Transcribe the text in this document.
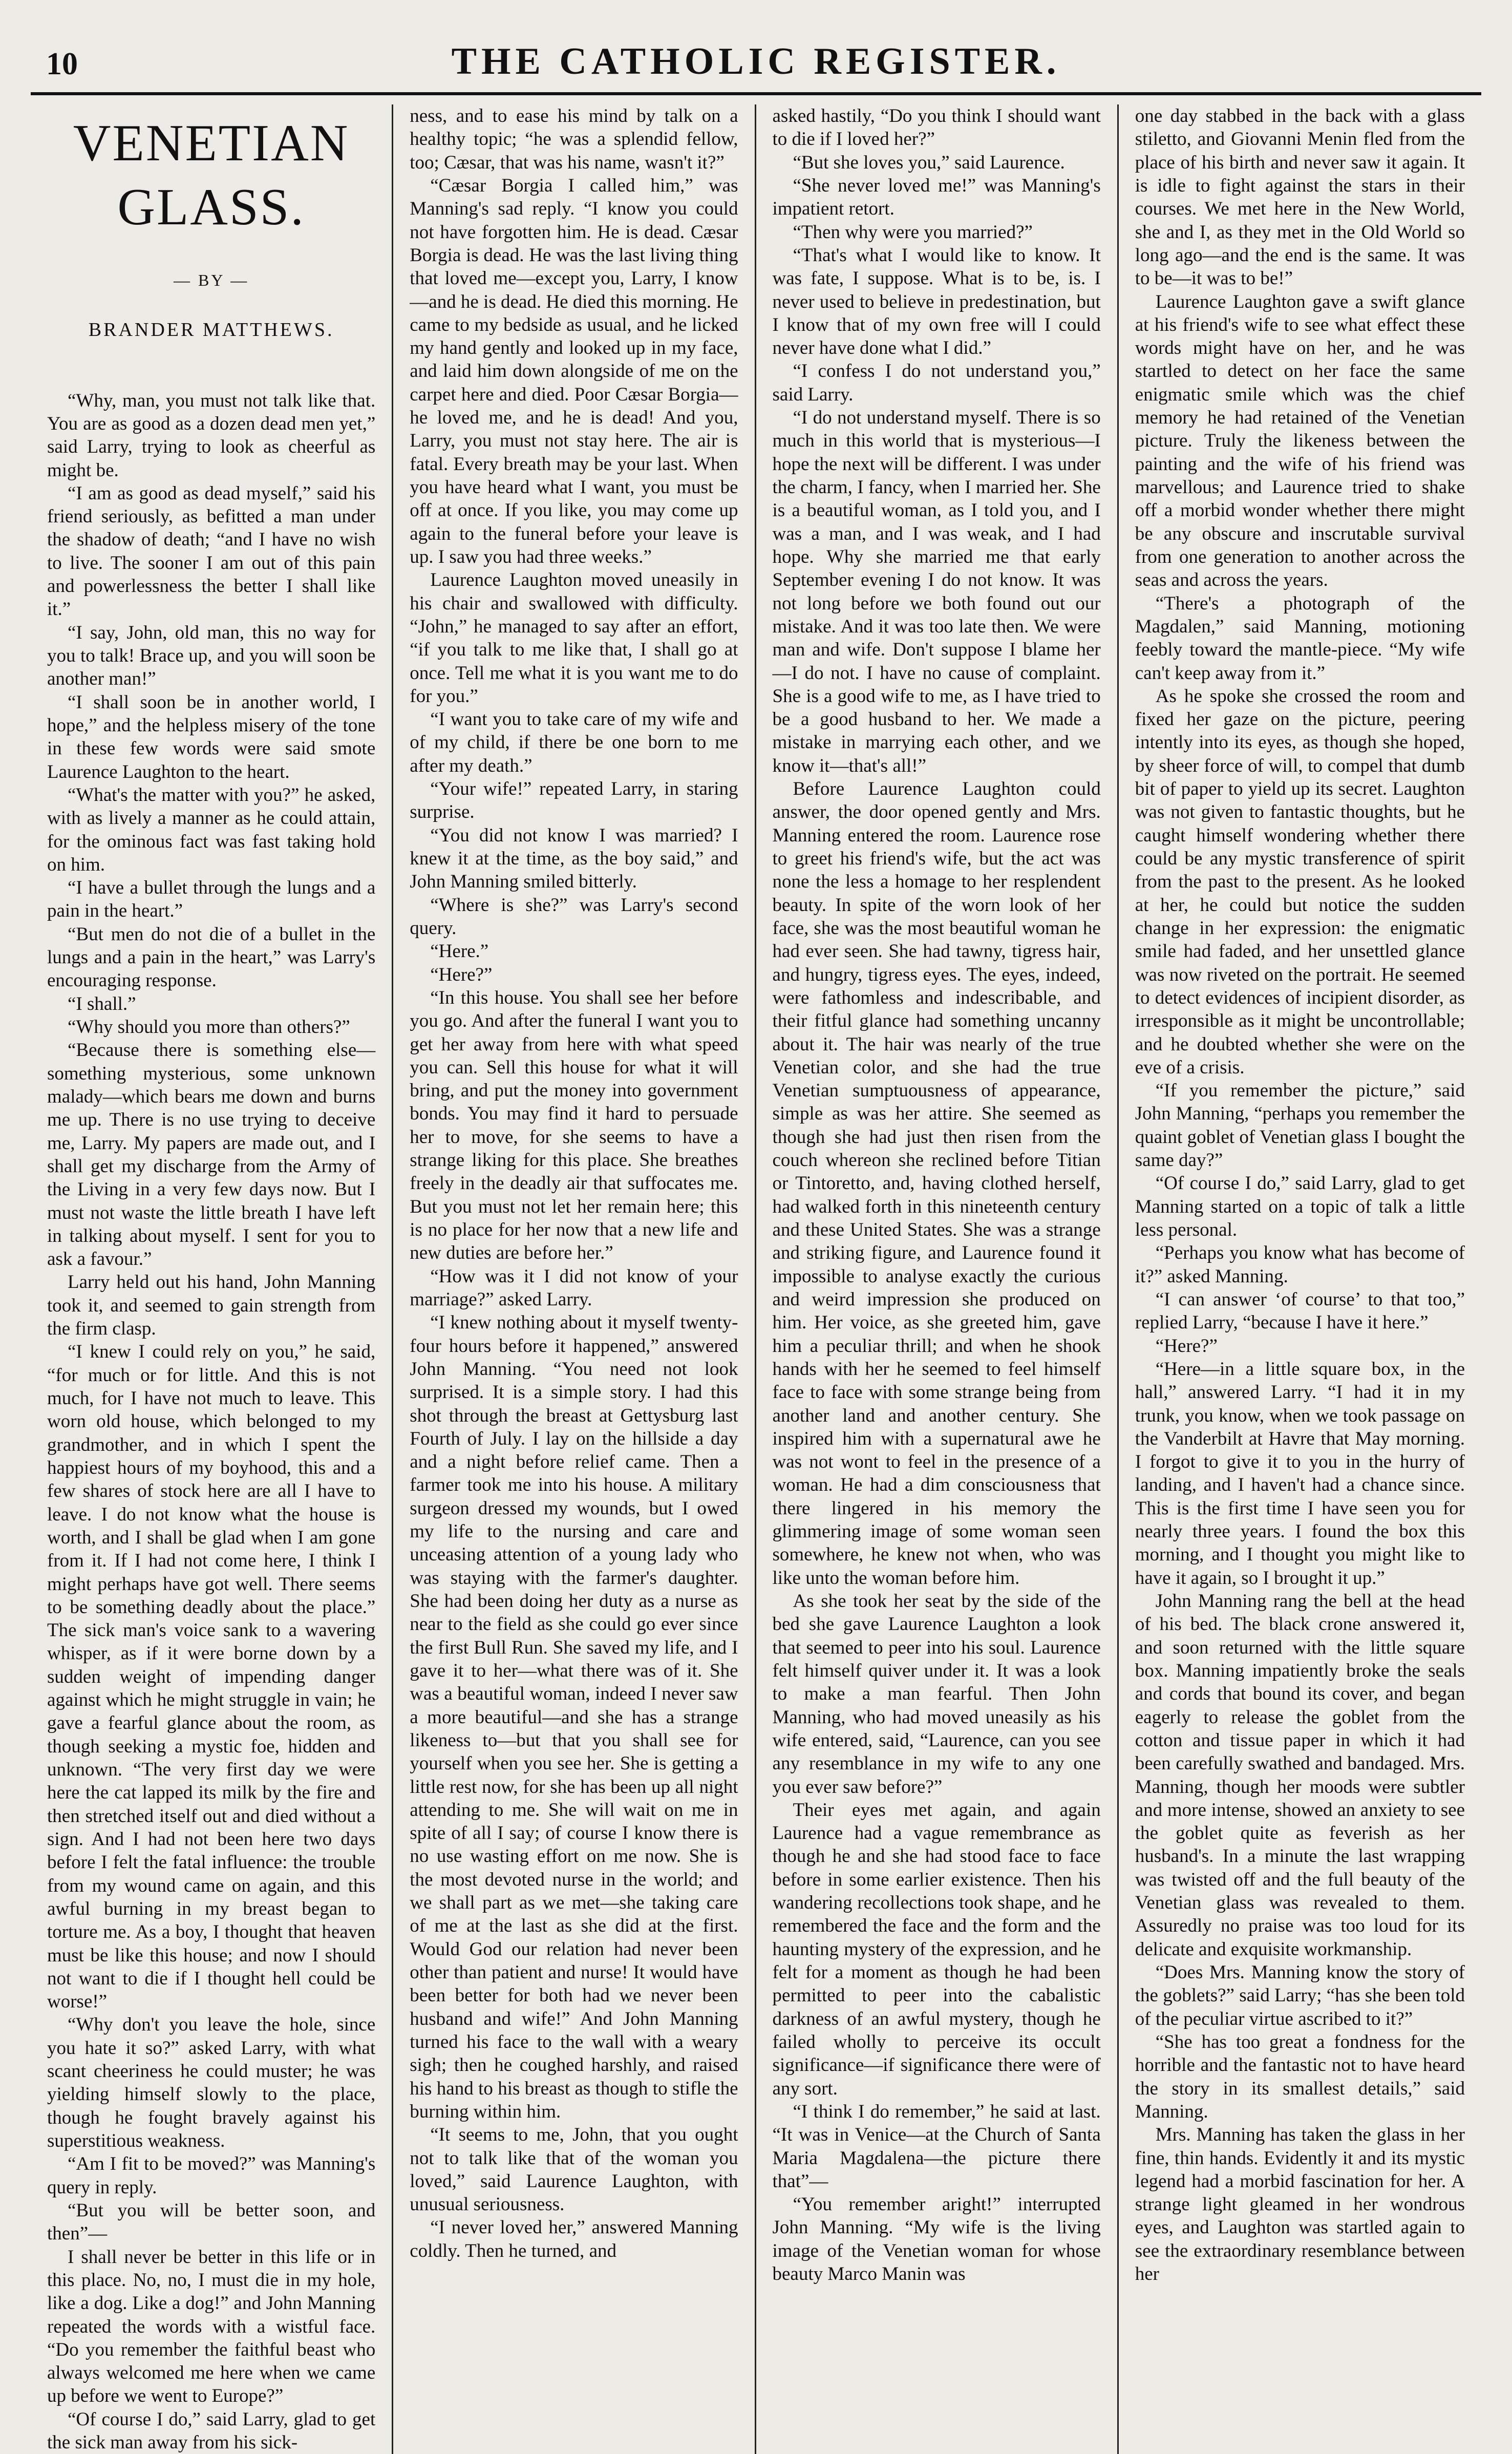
10	THE CATHOLIC REGISTER.
VENETIAN GLASS.
— BY —
BRANDER MATTHEWS.

“Why, man, you must not talk like that. You are as good as a dozen dead men yet,” said Larry, trying to look as cheerful as might be.

“I am as good as dead myself,” said his friend seriously, as befitted a man under the shadow of death; “and I have no wish to live. The sooner I am out of this pain and powerlessness the better I shall like it.”

“I say, John, old man, this no way for you to talk! Brace up, and you will soon be another man!”

“I shall soon be in another world, I hope,” and the helpless misery of the tone in these few words were said smote Laurence Laughton to the heart.

“What's the matter with you?” he asked, with as lively a manner as he could attain, for the ominous fact was fast taking hold on him.

“I have a bullet through the lungs and a pain in the heart.”

“But men do not die of a bullet in the lungs and a pain in the heart,” was Larry's encouraging response.

“I shall.”

“Why should you more than others?”

“Because there is something else—something mysterious, some unknown malady—which bears me down and burns me up. There is no use trying to deceive me, Larry. My papers are made out, and I shall get my discharge from the Army of the Living in a very few days now. But I must not waste the little breath I have left in talking about myself. I sent for you to ask a favour.”

Larry held out his hand, John Manning took it, and seemed to gain strength from the firm clasp.

“I knew I could rely on you,” he said, “for much or for little. And this is not much, for I have not much to leave. This worn old house, which belonged to my grandmother, and in which I spent the happiest hours of my boyhood, this and a few shares of stock here are all I have to leave. I do not know what the house is worth, and I shall be glad when I am gone from it. If I had not come here, I think I might perhaps have got well. There seems to be something deadly about the place.” The sick man's voice sank to a wavering whisper, as if it were borne down by a sudden weight of impending danger against which he might struggle in vain; he gave a fearful glance about the room, as though seeking a mystic foe, hidden and unknown. “The very first day we were here the cat lapped its milk by the fire and then stretched itself out and died without a sign. And I had not been here two days before I felt the fatal influence: the trouble from my wound came on again, and this awful burning in my breast began to torture me. As a boy, I thought that heaven must be like this house; and now I should not want to die if I thought hell could be worse!”

“Why don't you leave the hole, since you hate it so?” asked Larry, with what scant cheeriness he could muster; he was yielding himself slowly to the place, though he fought bravely against his superstitious weakness.

“Am I fit to be moved?” was Manning's query in reply.

“But you will be better soon, and then”—

I shall never be better in this life or in this place. No, no, I must die in my hole, like a dog. Like a dog!” and John Manning repeated the words with a wistful face. “Do you remember the faithful beast who always welcomed me here when we came up before we went to Europe?”

“Of course I do,” said Larry, glad to get the sick man away from his sick-

ness, and to ease his mind by talk on a healthy topic; “he was a splendid fellow, too; Cæsar, that was his name, wasn't it?”

“Cæsar Borgia I called him,” was Manning's sad reply. “I know you could not have forgotten him. He is dead. Cæsar Borgia is dead. He was the last living thing that loved me—except you, Larry, I know—and he is dead. He died this morning. He came to my bedside as usual, and he licked my hand gently and looked up in my face, and laid him down alongside of me on the carpet here and died. Poor Cæsar Borgia—he loved me, and he is dead! And you, Larry, you must not stay here. The air is fatal. Every breath may be your last. When you have heard what I want, you must be off at once. If you like, you may come up again to the funeral before your leave is up. I saw you had three weeks.”

Laurence Laughton moved uneasily in his chair and swallowed with difficulty. “John,” he managed to say after an effort, “if you talk to me like that, I shall go at once. Tell me what it is you want me to do for you.”

“I want you to take care of my wife and of my child, if there be one born to me after my death.”

“Your wife!” repeated Larry, in staring surprise.

“You did not know I was married? I knew it at the time, as the boy said,” and John Manning smiled bitterly.

“Where is she?” was Larry's second query.

“Here.”

“Here?”

“In this house. You shall see her before you go. And after the funeral I want you to get her away from here with what speed you can. Sell this house for what it will bring, and put the money into government bonds. You may find it hard to persuade her to move, for she seems to have a strange liking for this place. She breathes freely in the deadly air that suffocates me. But you must not let her remain here; this is no place for her now that a new life and new duties are before her.”

“How was it I did not know of your marriage?” asked Larry.

“I knew nothing about it myself twenty-four hours before it happened,” answered John Manning. “You need not look surprised. It is a simple story. I had this shot through the breast at Gettysburg last Fourth of July. I lay on the hillside a day and a night before relief came. Then a farmer took me into his house. A military surgeon dressed my wounds, but I owed my life to the nursing and care and unceasing attention of a young lady who was staying with the farmer's daughter. She had been doing her duty as a nurse as near to the field as she could go ever since the first Bull Run. She saved my life, and I gave it to her—what there was of it. She was a beautiful woman, indeed I never saw a more beautiful—and she has a strange likeness to—but that you shall see for yourself when you see her. She is getting a little rest now, for she has been up all night attending to me. She will wait on me in spite of all I say; of course I know there is no use wasting effort on me now. She is the most devoted nurse in the world; and we shall part as we met—she taking care of me at the last as she did at the first. Would God our relation had never been other than patient and nurse! It would have been better for both had we never been husband and wife!” And John Manning turned his face to the wall with a weary sigh; then he coughed harshly, and raised his hand to his breast as though to stifle the burning within him.

“It seems to me, John, that you ought not to talk like that of the woman you loved,” said Laurence Laughton, with unusual seriousness.

“I never loved her,” answered Manning coldly. Then he turned, and

asked hastily, “Do you think I should want to die if I loved her?”

“But she loves you,” said Laurence.

“She never loved me!” was Manning's impatient retort.

“Then why were you married?”

“That's what I would like to know. It was fate, I suppose. What is to be, is. I never used to believe in predestination, but I know that of my own free will I could never have done what I did.”

“I confess I do not understand you,” said Larry.

“I do not understand myself. There is so much in this world that is mysterious—I hope the next will be different. I was under the charm, I fancy, when I married her. She is a beautiful woman, as I told you, and I was a man, and I was weak, and I had hope. Why she married me that early September evening I do not know. It was not long before we both found out our mistake. And it was too late then. We were man and wife. Don't suppose I blame her—I do not. I have no cause of complaint. She is a good wife to me, as I have tried to be a good husband to her. We made a mistake in marrying each other, and we know it—that's all!”

Before Laurence Laughton could answer, the door opened gently and Mrs. Manning entered the room. Laurence rose to greet his friend's wife, but the act was none the less a homage to her resplendent beauty. In spite of the worn look of her face, she was the most beautiful woman he had ever seen. She had tawny, tigress hair, and hungry, tigress eyes. The eyes, indeed, were fathomless and indescribable, and their fitful glance had something uncanny about it. The hair was nearly of the true Venetian color, and she had the true Venetian sumptuousness of appearance, simple as was her attire. She seemed as though she had just then risen from the couch whereon she reclined before Titian or Tintoretto, and, having clothed herself, had walked forth in this nineteenth century and these United States. She was a strange and striking figure, and Laurence found it impossible to analyse exactly the curious and weird impression she produced on him. Her voice, as she greeted him, gave him a peculiar thrill; and when he shook hands with her he seemed to feel himself face to face with some strange being from another land and another century. She inspired him with a supernatural awe he was not wont to feel in the presence of a woman. He had a dim consciousness that there lingered in his memory the glimmering image of some woman seen somewhere, he knew not when, who was like unto the woman before him.

As she took her seat by the side of the bed she gave Laurence Laughton a look that seemed to peer into his soul. Laurence felt himself quiver under it. It was a look to make a man fearful. Then John Manning, who had moved uneasily as his wife entered, said, “Laurence, can you see any resemblance in my wife to any one you ever saw before?”

Their eyes met again, and again Laurence had a vague remembrance as though he and she had stood face to face before in some earlier existence. Then his wandering recollections took shape, and he remembered the face and the form and the haunting mystery of the expression, and he felt for a moment as though he had been permitted to peer into the cabalistic darkness of an awful mystery, though he failed wholly to perceive its occult significance—if significance there were of any sort.

“I think I do remember,” he said at last. “It was in Venice—at the Church of Santa Maria Magdalena—the picture there that”—

“You remember aright!” interrupted John Manning. “My wife is the living image of the Venetian woman for whose beauty Marco Manin was

one day stabbed in the back with a glass stiletto, and Giovanni Menin fled from the place of his birth and never saw it again. It is idle to fight against the stars in their courses. We met here in the New World, she and I, as they met in the Old World so long ago—and the end is the same. It was to be—it was to be!”

Laurence Laughton gave a swift glance at his friend's wife to see what effect these words might have on her, and he was startled to detect on her face the same enigmatic smile which was the chief memory he had retained of the Venetian picture. Truly the likeness between the painting and the wife of his friend was marvellous; and Laurence tried to shake off a morbid wonder whether there might be any obscure and inscrutable survival from one generation to another across the seas and across the years.

“There's a photograph of the Magdalen,” said Manning, motioning feebly toward the mantle-piece. “My wife can't keep away from it.”

As he spoke she crossed the room and fixed her gaze on the picture, peering intently into its eyes, as though she hoped, by sheer force of will, to compel that dumb bit of paper to yield up its secret. Laughton was not given to fantastic thoughts, but he caught himself wondering whether there could be any mystic transference of spirit from the past to the present. As he looked at her, he could but notice the sudden change in her expression: the enigmatic smile had faded, and her unsettled glance was now riveted on the portrait. He seemed to detect evidences of incipient disorder, as irresponsible as it might be uncontrollable; and he doubted whether she were on the eve of a crisis.

“If you remember the picture,” said John Manning, “perhaps you remember the quaint goblet of Venetian glass I bought the same day?”

“Of course I do,” said Larry, glad to get Manning started on a topic of talk a little less personal.

“Perhaps you know what has become of it?” asked Manning.

“I can answer ‘of course’ to that too,” replied Larry, “because I have it here.”

“Here?”

“Here—in a little square box, in the hall,” answered Larry. “I had it in my trunk, you know, when we took passage on the Vanderbilt at Havre that May morning. I forgot to give it to you in the hurry of landing, and I haven't had a chance since. This is the first time I have seen you for nearly three years. I found the box this morning, and I thought you might like to have it again, so I brought it up.”

John Manning rang the bell at the head of his bed. The black crone answered it, and soon returned with the little square box. Manning impatiently broke the seals and cords that bound its cover, and began eagerly to release the goblet from the cotton and tissue paper in which it had been carefully swathed and bandaged. Mrs. Manning, though her moods were subtler and more intense, showed an anxiety to see the goblet quite as feverish as her husband's. In a minute the last wrapping was twisted off and the full beauty of the Venetian glass was revealed to them. Assuredly no praise was too loud for its delicate and exquisite workmanship.

“Does Mrs. Manning know the story of the goblets?” said Larry; “has she been told of the peculiar virtue ascribed to it?”

“She has too great a fondness for the horrible and the fantastic not to have heard the story in its smallest details,” said Manning.

Mrs. Manning has taken the glass in her fine, thin hands. Evidently it and its mystic legend had a morbid fascination for her. A strange light gleamed in her wondrous eyes, and Laughton was startled again to see the extraordinary resemblance between her
